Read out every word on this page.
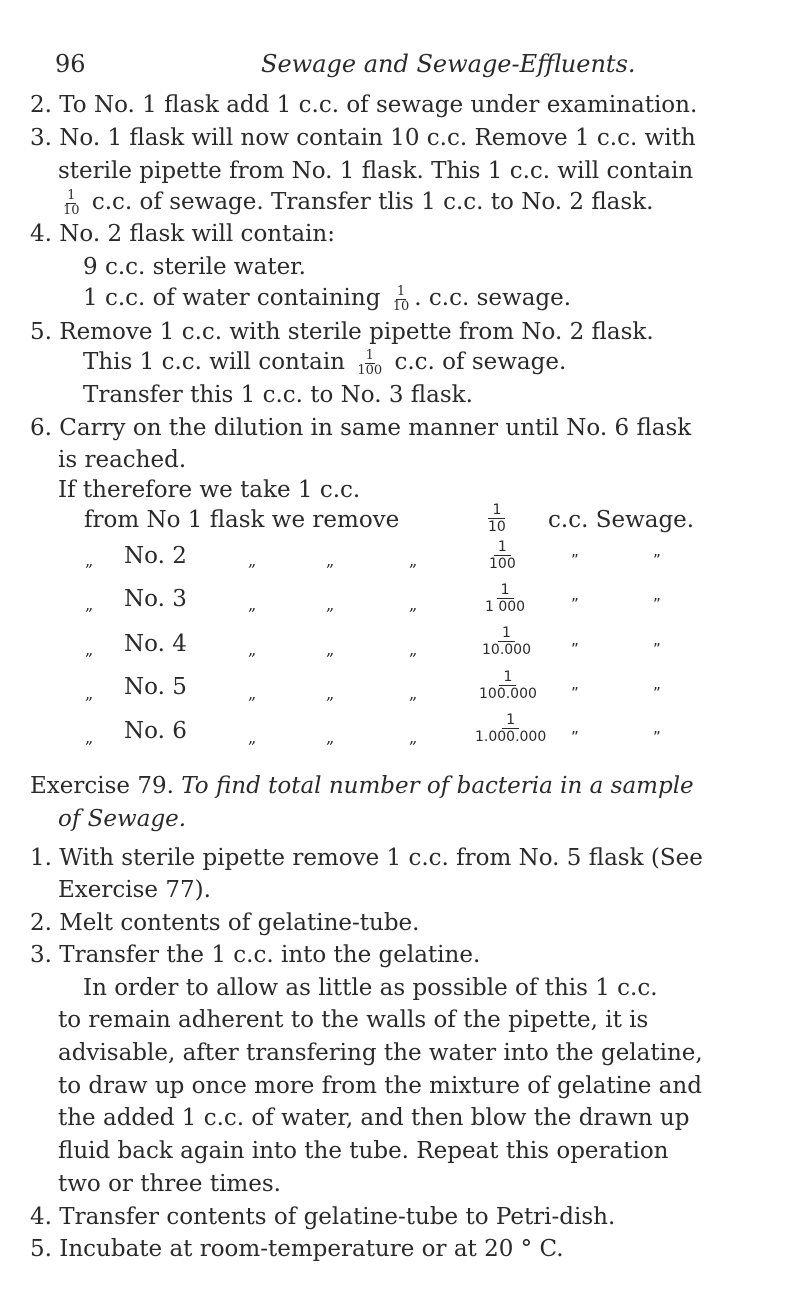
96	Sewage and Sewage-Effluents.
2. To No. 1 flask add 1 c.c. of sewage under examination.
3. No. 1 flask will now contain 10 c.c. Remove 1 c.c. with
sterile pipette from No. 1 flask. This 1 c.c. will contain
$\frac{1}{10} c.c$. of sewage. Transfer tlis 1 c.c. to No. 2 flask.
4. No. 2 flask will contain:
9 c.c. sterile water.
1 c.c. of water containing $\frac{1}{10}$ . c.c. sewage.
5. Remove 1 c.c. with sterile pipette from No. 2 flask.
This 1 c.c. will contain $\frac{1}{100} c.c$. of sewage.
Transfer this 1 c.c. to No. 3 flask.
6. Carry on the dilution in same manner until No. 6 flask
is reached.
If therefore we take 1 c.c.
from No 1 flask we remove	$\frac{1}{10} c.c$. Sewage.
„ No. 2	„	„	„	$\frac{1}{100}$	”	”
„ No. 3	„	„	„	$\frac{1}{1 000}$	”	”
„ No. 4	„	„	„	$\frac{1}{10.000}$	”	”
„ No. 5	„	„	„	$\frac{1}{100.000}$ ”	”
„ No. 6	„	„	„	$\frac{1}{1.000.000}$ ”	”
Exercise 79. To find total number of bacteria in a sample
of Sewage.
1. With sterile pipette remove 1 c.c. from No. 5 flask (See
Exercise 77).
2. Melt contents of gelatine-tube.
3. Transfer the 1 c.c. into the gelatine.
In order to allow as little as possible of this 1 c.c.
to remain adherent to the walls of the pipette, it is
advisable, after transfering the water into the gelatine,
to draw up once more from the mixture of gelatine and
the added 1 c.c. of water, and then blow the drawn up
fluid back again into the tube. Repeat this operation
two or three times.
4. Transfer contents of gelatine-tube to Petri-dish.
5. Incubate at room-temperature or at 20 ° C.
